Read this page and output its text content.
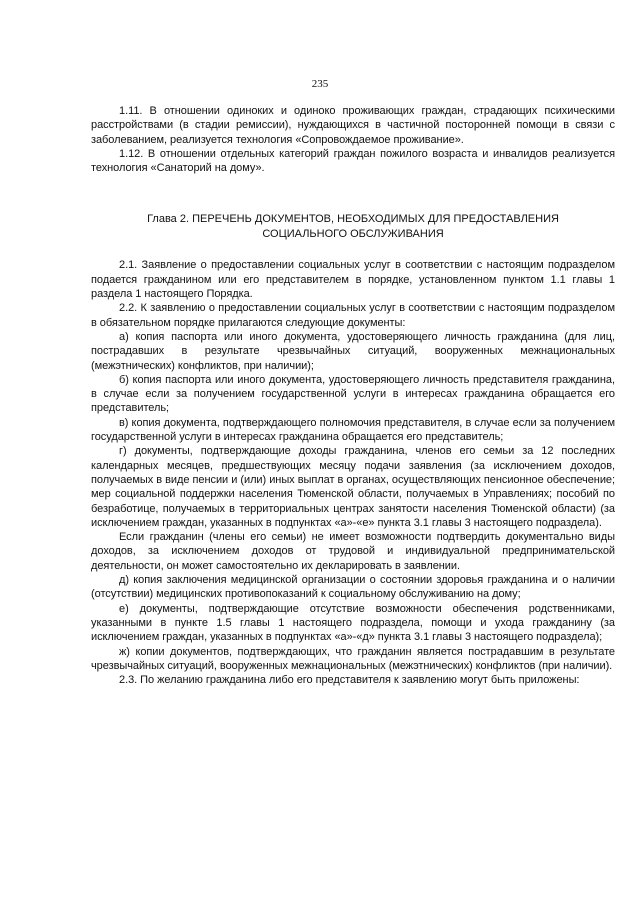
235

1.11. В отношении одиноких и одиноко проживающих граждан, страдающих психическими расстройствами (в стадии ремиссии), нуждающихся в частичной посторонней помощи в связи с заболеванием, реализуется технология «Сопровождаемое проживание».

1.12. В отношении отдельных категорий граждан пожилого возраста и инвалидов реализуется технология «Санаторий на дому».

Глава 2. ПЕРЕЧЕНЬ ДОКУМЕНТОВ, НЕОБХОДИМЫХ ДЛЯ ПРЕДОСТАВЛЕНИЯ
СОЦИАЛЬНОГО ОБСЛУЖИВАНИЯ

2.1. Заявление о предоставлении социальных услуг в соответствии с настоящим подразделом подается гражданином или его представителем в порядке, установленном пунктом 1.1 главы 1 раздела 1 настоящего Порядка.

2.2. К заявлению о предоставлении социальных услуг в соответствии с настоящим подразделом в обязательном порядке прилагаются следующие документы:

а) копия паспорта или иного документа, удостоверяющего личность гражданина (для лиц, пострадавших в результате чрезвычайных ситуаций, вооруженных межнациональных (межэтнических) конфликтов, при наличии);

б) копия паспорта или иного документа, удостоверяющего личность представителя гражданина, в случае если за получением государственной услуги в интересах гражданина обращается его представитель;

в) копия документа, подтверждающего полномочия представителя, в случае если за получением государственной услуги в интересах гражданина обращается его представитель;

г) документы, подтверждающие доходы гражданина, членов его семьи за 12 последних календарных месяцев, предшествующих месяцу подачи заявления (за исключением доходов, получаемых в виде пенсии и (или) иных выплат в органах, осуществляющих пенсионное обеспечение; мер социальной поддержки населения Тюменской области, получаемых в Управлениях; пособий по безработице, получаемых в территориальных центрах занятости населения Тюменской области) (за исключением граждан, указанных в подпунктах «а»-«е» пункта 3.1 главы 3 настоящего подраздела).

Если гражданин (члены его семьи) не имеет возможности подтвердить документально виды доходов, за исключением доходов от трудовой и индивидуальной предпринимательской деятельности, он может самостоятельно их декларировать в заявлении.

д) копия заключения медицинской организации о состоянии здоровья гражданина и о наличии (отсутствии) медицинских противопоказаний к социальному обслуживанию на дому;

е) документы, подтверждающие отсутствие возможности обеспечения родственниками, указанными в пункте 1.5 главы 1 настоящего подраздела, помощи и ухода гражданину (за исключением граждан, указанных в подпунктах «а»-«д» пункта 3.1 главы 3 настоящего подраздела);

ж) копии документов, подтверждающих, что гражданин является пострадавшим в результате чрезвычайных ситуаций, вооруженных межнациональных (межэтнических) конфликтов (при наличии).

2.3. По желанию гражданина либо его представителя к заявлению могут быть приложены:
